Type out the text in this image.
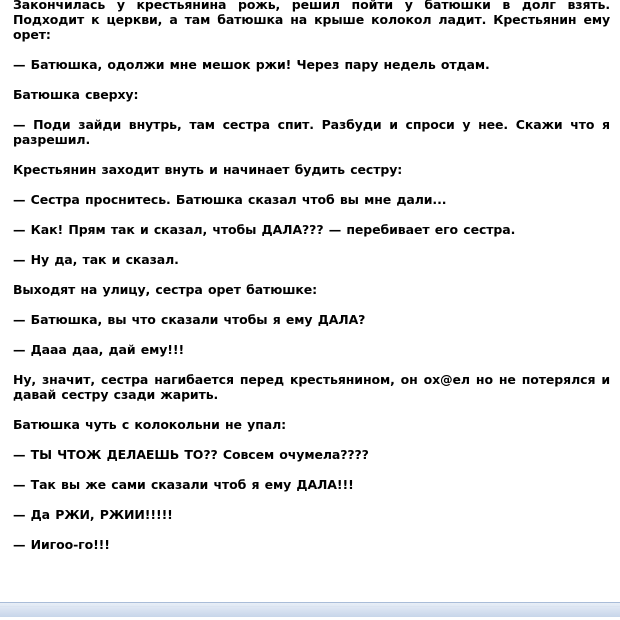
Закончилась у крестьянина рожь, решил пойти у батюшки в долг взять. Подходит к церкви, а там батюшка на крыше колокол ладит. Крестьянин ему орет:

— Батюшка, одолжи мне мешок ржи! Через пару недель отдам.

Батюшка сверху:

— Поди зайди внутрь, там сестра спит. Разбуди и спроси у нее. Скажи что я разрешил.

Крестьянин заходит внуть и начинает будить сестру:

— Сестра проснитесь. Батюшка сказал чтоб вы мне дали...

— Как! Прям так и сказал, чтобы ДАЛА??? — перебивает его сестра.

— Ну да, так и сказал.

Выходят на улицу, сестра орет батюшке:

— Батюшка, вы что сказали чтобы я ему ДАЛА?

— Дааа даа, дай ему!!!

Ну, значит, сестра нагибается перед крестьянином, он ох@ел но не потерялся и давай сестру сзади жарить.

Батюшка чуть с колокольни не упал:

— ТЫ ЧТОЖ ДЕЛАЕШЬ ТО?? Совсем очумела????

— Так вы же сами сказали чтоб я ему ДАЛА!!!

— Да РЖИ, РЖИИ!!!!!

— Иигоо-го!!!
